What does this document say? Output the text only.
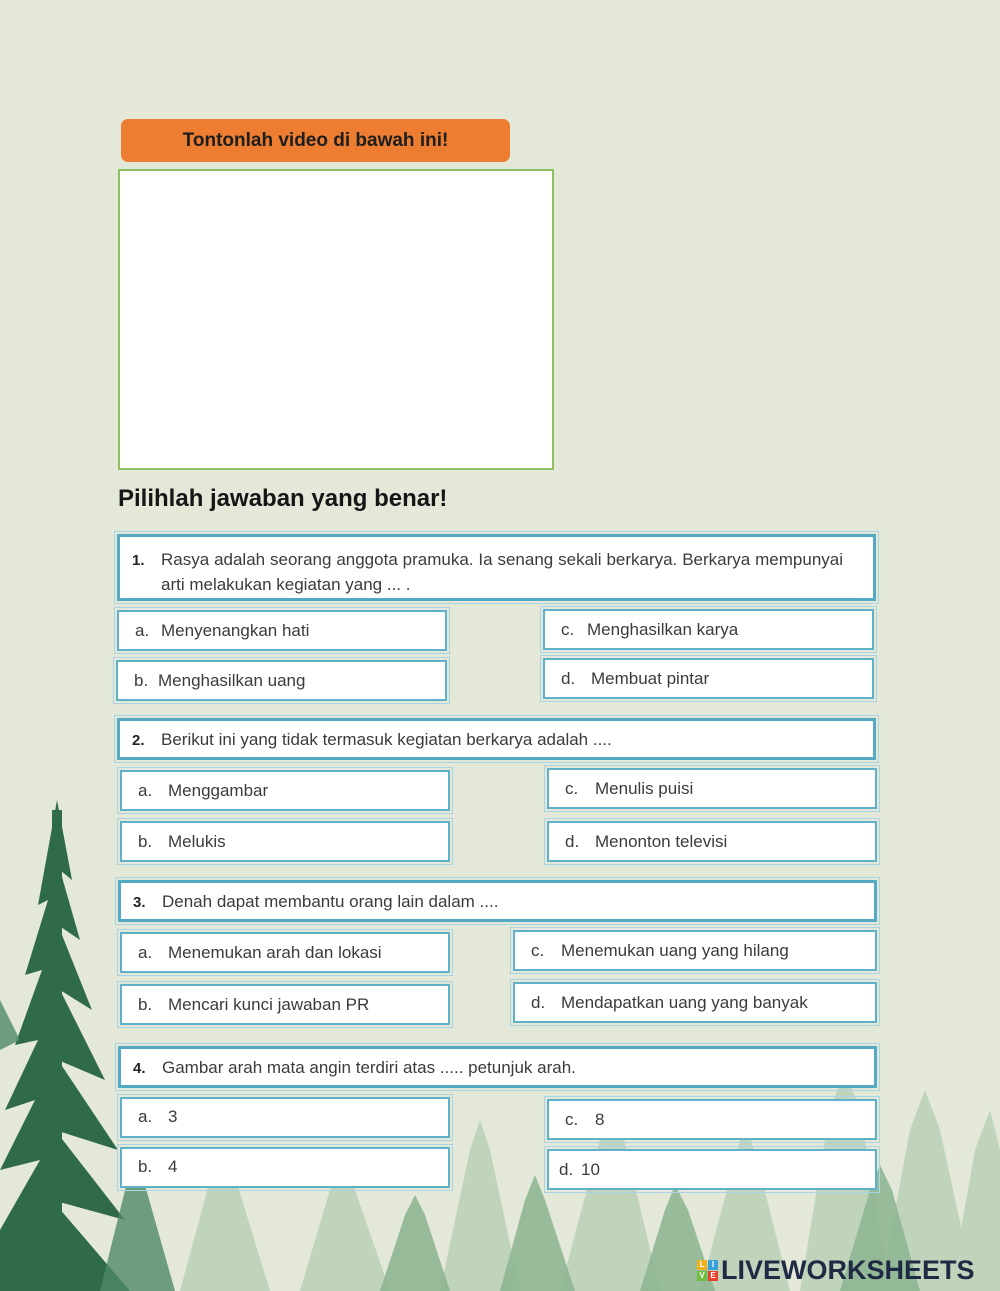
Tontonlah video di bawah ini!
Pilihlah jawaban yang benar!
1. Rasya adalah seorang anggota pramuka. Ia senang sekali berkarya. Berkarya mempunyai arti melakukan kegiatan yang ... .
a. Menyenangkan hati
b. Menghasilkan uang
c. Menghasilkan karya
d. Membuat pintar
2. Berikut ini yang tidak termasuk kegiatan berkarya adalah ....
a. Menggambar
b. Melukis
c. Menulis puisi
d. Menonton televisi
3. Denah dapat membantu orang lain dalam ....
a. Menemukan arah dan lokasi
b. Mencari kunci jawaban PR
c. Menemukan uang yang hilang
d. Mendapatkan uang yang banyak
4. Gambar arah mata angin terdiri atas ..... petunjuk arah.
a. 3
b. 4
c. 8
d. 10
L I
V E LIVEWORKSHEETS
